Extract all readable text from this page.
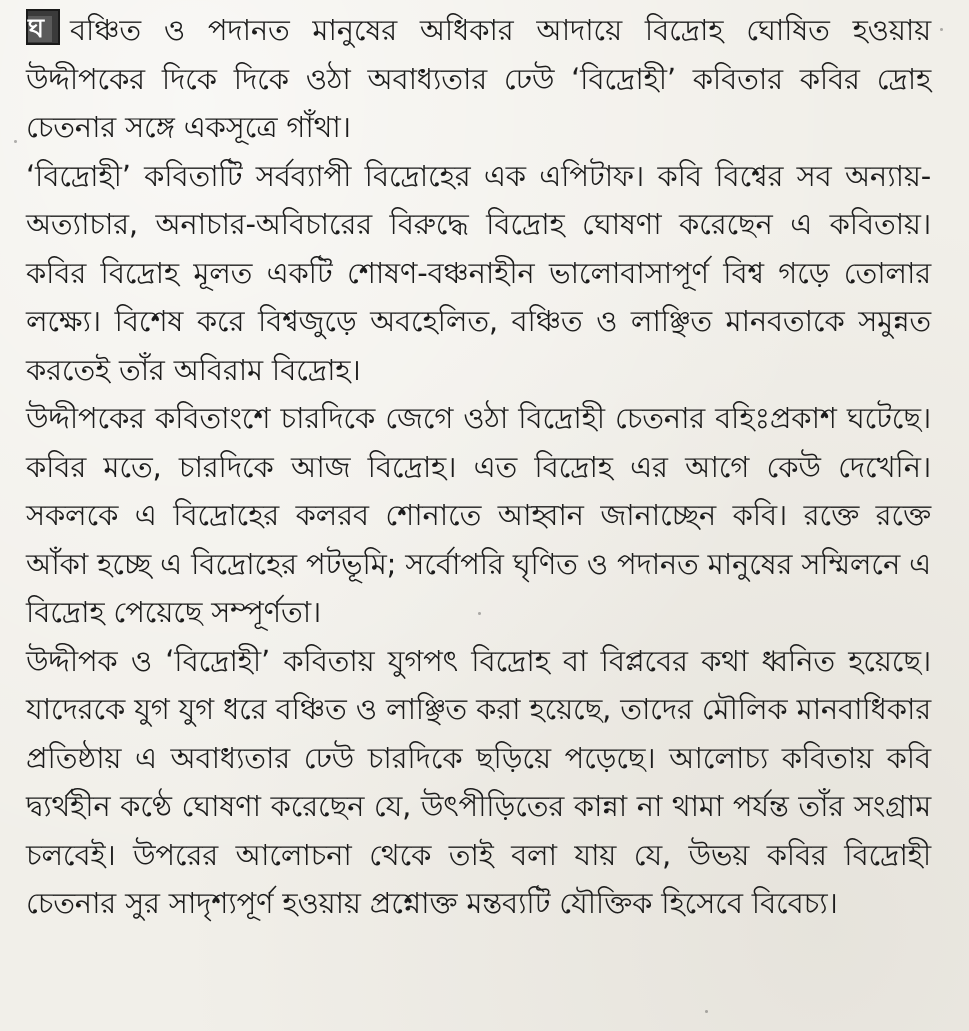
ঘ বঞ্চিত ও পদানত মানুষের অধিকার আদায়ে বিদ্রোহ ঘোষিত হওয়ায় উদ্দীপকের দিকে দিকে ওঠা অবাধ্যতার ঢেউ ‘বিদ্রোহী’ কবিতার কবির দ্রোহ চেতনার সঙ্গে একসূত্রে গাঁথা।

‘বিদ্রোহী’ কবিতাটি সর্বব্যাপী বিদ্রোহের এক এপিটাফ। কবি বিশ্বের সব অন্যায়-অত্যাচার, অনাচার-অবিচারের বিরুদ্ধে বিদ্রোহ ঘোষণা করেছেন এ কবিতায়। কবির বিদ্রোহ মূলত একটি শোষণ-বঞ্চনাহীন ভালোবাসাপূর্ণ বিশ্ব গড়ে তোলার লক্ষ্যে। বিশেষ করে বিশ্বজুড়ে অবহেলিত, বঞ্চিত ও লাঞ্ছিত মানবতাকে সমুন্নত করতেই তাঁর অবিরাম বিদ্রোহ।

উদ্দীপকের কবিতাংশে চারদিকে জেগে ওঠা বিদ্রোহী চেতনার বহিঃপ্রকাশ ঘটেছে। কবির মতে, চারদিকে আজ বিদ্রোহ। এত বিদ্রোহ এর আগে কেউ দেখেনি। সকলকে এ বিদ্রোহের কলরব শোনাতে আহ্বান জানাচ্ছেন কবি। রক্তে রক্তে আঁকা হচ্ছে এ বিদ্রোহের পটভূমি; সর্বোপরি ঘৃণিত ও পদানত মানুষের সম্মিলনে এ বিদ্রোহ পেয়েছে সম্পূর্ণতা।

উদ্দীপক ও ‘বিদ্রোহী’ কবিতায় যুগপৎ বিদ্রোহ বা বিপ্লবের কথা ধ্বনিত হয়েছে। যাদেরকে যুগ যুগ ধরে বঞ্চিত ও লাঞ্ছিত করা হয়েছে, তাদের মৌলিক মানবাধিকার প্রতিষ্ঠায় এ অবাধ্যতার ঢেউ চারদিকে ছড়িয়ে পড়েছে। আলোচ্য কবিতায় কবি দ্ব্যর্থহীন কণ্ঠে ঘোষণা করেছেন যে, উৎপীড়িতের কান্না না থামা পর্যন্ত তাঁর সংগ্রাম চলবেই। উপরের আলোচনা থেকে তাই বলা যায় যে, উভয় কবির বিদ্রোহী চেতনার সুর সাদৃশ্যপূর্ণ হওয়ায় প্রশ্নোক্ত মন্তব্যটি যৌক্তিক হিসেবে বিবেচ্য।
